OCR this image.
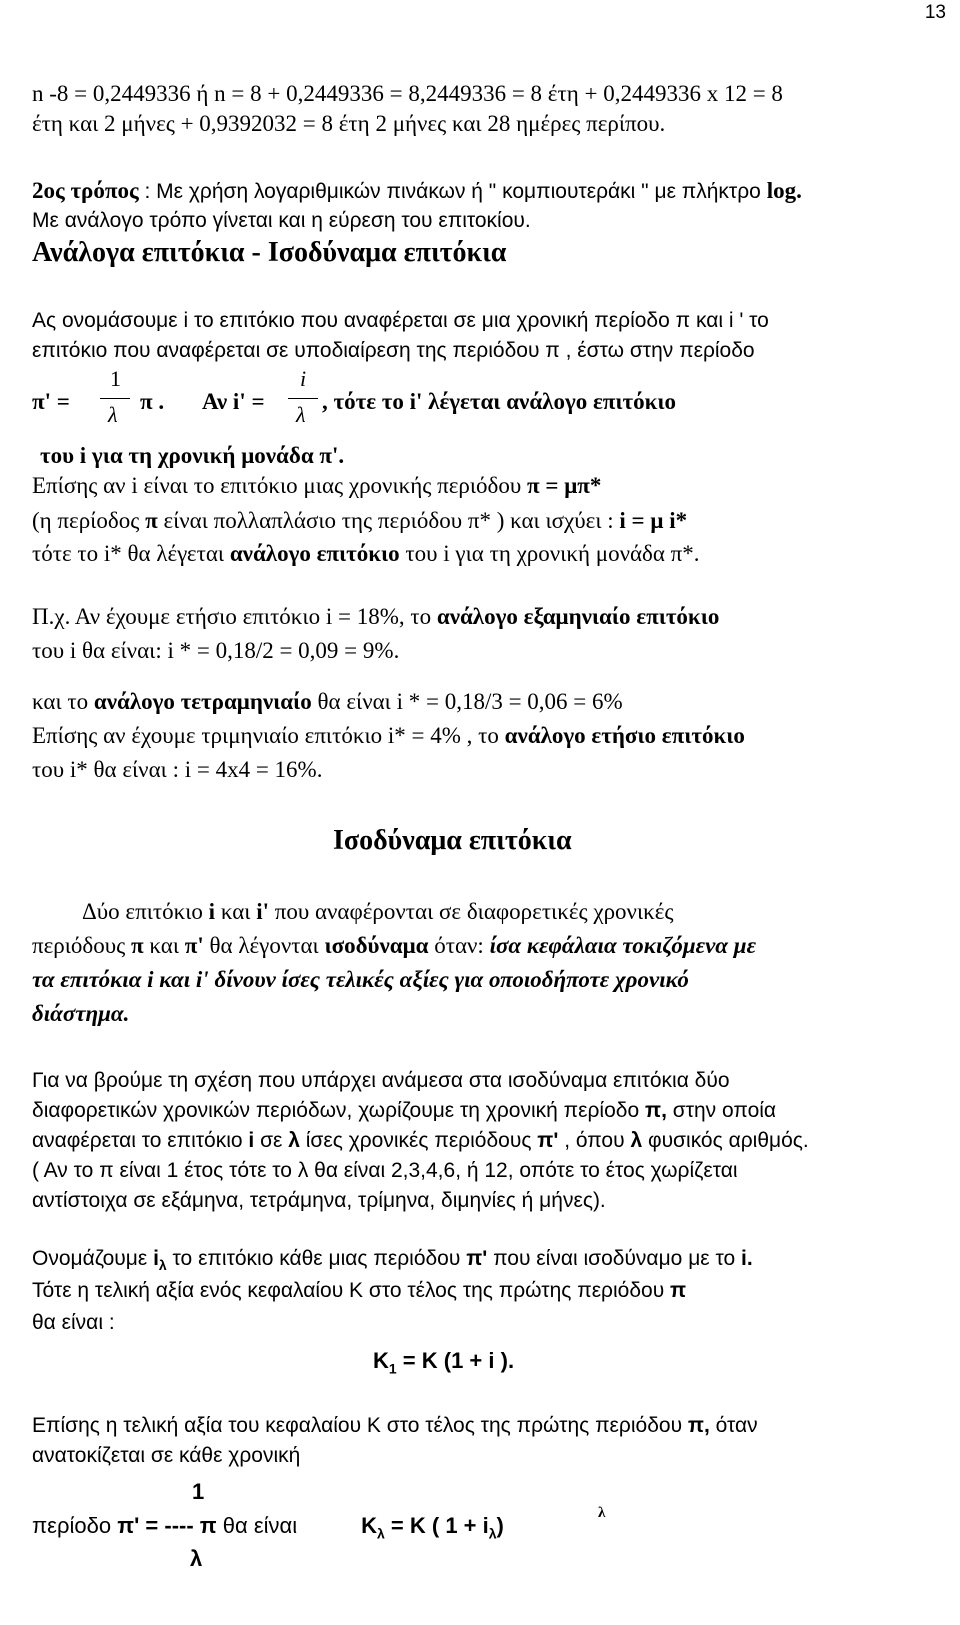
13
n -8 = 0,2449336 ή n = 8 + 0,2449336 = 8,2449336 = 8 έτη + 0,2449336 x 12 = 8
έτη και 2 μήνες + 0,9392032 = 8 έτη 2 μήνες και 28 ημέρες περίπου.
2ος τρόπος : Με χρήση λογαριθμικών πινάκων ή " κομπιουτεράκι " με πλήκτρο log.
Με ανάλογο τρόπο γίνεται και η εύρεση του επιτοκίου.
Ανάλογα επιτόκια - Ισοδύναμα επιτόκια
Ας ονομάσουμε i το επιτόκιο που αναφέρεται σε μια χρονική περίοδο π και i ' το
επιτόκιο που αναφέρεται σε υποδιαίρεση της περιόδου π , έστω στην περίοδο
π' =
1
λ
π . Αν i' =
i
λ
, τότε το i' λέγεται ανάλογο επιτόκιο
του i για τη χρονική μονάδα π'.
Επίσης αν i είναι το επιτόκιο μιας χρονικής περιόδου π = μπ*
(η περίοδος π είναι πολλαπλάσιο της περιόδου π* ) και ισχύει : i = μ i*
τότε το i* θα λέγεται ανάλογο επιτόκιο του i για τη χρονική μονάδα π*.
Π.χ. Αν έχουμε ετήσιο επιτόκιο i = 18%, το ανάλογο εξαμηνιαίο επιτόκιο
του i θα είναι: i * = 0,18/2 = 0,09 = 9%.
και το ανάλογο τετραμηνιαίο θα είναι i * = 0,18/3 = 0,06 = 6%
Επίσης αν έχουμε τριμηνιαίο επιτόκιο i* = 4% , το ανάλογο ετήσιο επιτόκιο
του i* θα είναι : i = 4x4 = 16%.
Ισοδύναμα επιτόκια
Δύο επιτόκιο i και i' που αναφέρονται σε διαφορετικές χρονικές
περιόδους π και π' θα λέγονται ισοδύναμα όταν: ίσα κεφάλαια τοκιζόμενα με
τα επιτόκια i και i' δίνουν ίσες τελικές αξίες για οποιοδήποτε χρονικό
διάστημα.
Για να βρούμε τη σχέση που υπάρχει ανάμεσα στα ισοδύναμα επιτόκια δύο
διαφορετικών χρονικών περιόδων, χωρίζουμε τη χρονική περίοδο π, στην οποία
αναφέρεται το επιτόκιο i σε λ ίσες χρονικές περιόδους π' , όπου λ φυσικός αριθμός.
( Αν το π είναι 1 έτος τότε το λ θα είναι 2,3,4,6, ή 12, οπότε το έτος χωρίζεται
αντίστοιχα σε εξάμηνα, τετράμηνα, τρίμηνα, διμηνίες ή μήνες).
Ονομάζουμε $i_\lambda$ το επιτόκιο κάθε μιας περιόδου π' που είναι ισοδύναμο με το i.
Τότε η τελική αξία ενός κεφαλαίου Κ στο τέλος της πρώτης περιόδου π
θα είναι :
$K_1 = K$ (1 + i ).
Επίσης η τελική αξία του κεφαλαίου Κ στο τέλος της πρώτης περιόδου π, όταν
ανατοκίζεται σε κάθε χρονική
1
περίοδο π' = ---- π θα είναι	$K_\lambda = K$ ( $1 + i_\lambda$)	λ
λ
